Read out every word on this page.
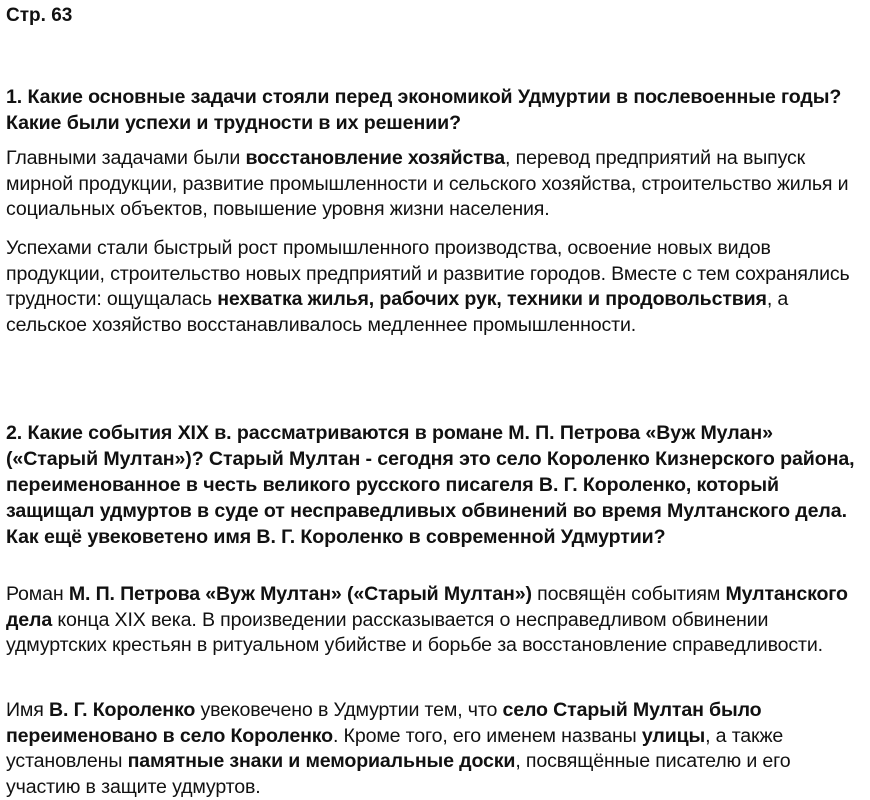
Стр. 63

1. Какие основные задачи стояли перед экономикой Удмуртии в послевоенные годы? Какие были успехи и трудности в их решении?

Главными задачами были восстановление хозяйства, перевод предприятий на выпуск мирной продукции, развитие промышленности и сельского хозяйства, строительство жилья и социальных объектов, повышение уровня жизни населения.

Успехами стали быстрый рост промышленного производства, освоение новых видов продукции, строительство новых предприятий и развитие городов. Вместе с тем сохранялись трудности: ощущалась нехватка жилья, рабочих рук, техники и продовольствия, а сельское хозяйство восстанавливалось медленнее промышленности.

2. Какие события XIX в. рассматриваются в романе М. П. Петрова «Вуж Мулан» («Старый Мултан»)? Старый Мултан - сегодня это село Короленко Кизнерского района, переименованное в честь великого русского писагеля В. Г. Короленко, который защищал удмуртов в суде от несправедливых обвинений во время Мултанского дела. Как ещё увековетено имя В. Г. Короленко в современной Удмуртии?

Роман М. П. Петрова «Вуж Мултан» («Старый Мултан») посвящён событиям Мултанского дела конца XIX века. В произведении рассказывается о несправедливом обвинении удмуртских крестьян в ритуальном убийстве и борьбе за восстановление справедливости.

Имя В. Г. Короленко увековечено в Удмуртии тем, что село Старый Мултан было переименовано в село Короленко. Кроме того, его именем названы улицы, а также установлены памятные знаки и мемориальные доски, посвящённые писателю и его участию в защите удмуртов.
